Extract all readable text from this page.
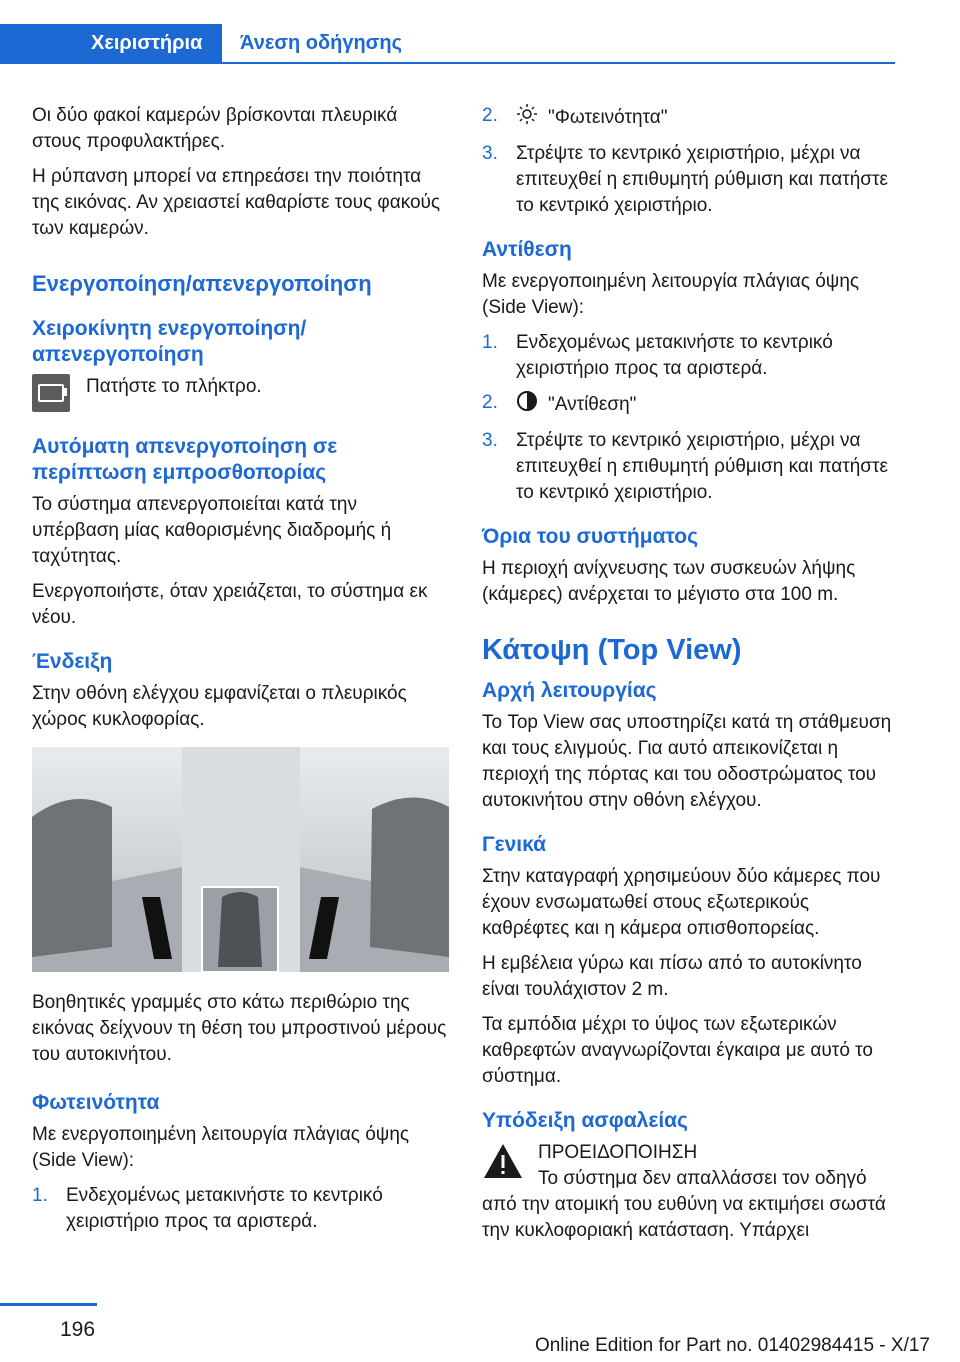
Χειριστήρια	Άνεση οδήγησης

Οι δύο φακοί καμερών βρίσκονται πλευρικά στους προφυλακτήρες.

Η ρύπανση μπορεί να επηρεάσει την ποιότητα της εικόνας. Αν χρειαστεί καθαρίστε τους φακούς των καμερών.

Ενεργοποίηση/απενεργοποίηση
Χειροκίνητη ενεργοποίηση/ απενεργοποίηση
Πατήστε το πλήκτρο.
Αυτόματη απενεργοποίηση σε περίπτωση εμπροσθοπορίας

Το σύστημα απενεργοποιείται κατά την υπέρβαση μίας καθορισμένης διαδρομής ή ταχύτητας.

Ενεργοποιήστε, όταν χρειάζεται, το σύστημα εκ νέου.

Ένδειξη

Στην οθόνη ελέγχου εμφανίζεται ο πλευρικός χώρος κυκλοφορίας.

Βοηθητικές γραμμές στο κάτω περιθώριο της εικόνας δείχνουν τη θέση του μπροστινού μέρους του αυτοκινήτου.

Φωτεινότητα

Με ενεργοποιημένη λειτουργία πλάγιας όψης (Side View):

1. Ενδεχομένως μετακινήστε το κεντρικό χειριστήριο προς τα αριστερά.
2.	"Φωτεινότητα"
3. Στρέψτε το κεντρικό χειριστήριο, μέχρι να επιτευχθεί η επιθυμητή ρύθμιση και πατήστε το κεντρικό χειριστήριο.
Αντίθεση

Με ενεργοποιημένη λειτουργία πλάγιας όψης (Side View):

1. Ενδεχομένως μετακινήστε το κεντρικό χειριστήριο προς τα αριστερά.
2.	"Αντίθεση"
3. Στρέψτε το κεντρικό χειριστήριο, μέχρι να επιτευχθεί η επιθυμητή ρύθμιση και πατήστε το κεντρικό χειριστήριο.
Όρια του συστήματος

Η περιοχή ανίχνευσης των συσκευών λήψης (κάμερες) ανέρχεται το μέγιστο στα 100 m.

Κάτοψη (Top View)
Αρχή λειτουργίας

Το Top View σας υποστηρίζει κατά τη στάθμευση και τους ελιγμούς. Για αυτό απεικονίζεται η περιοχή της πόρτας και του οδοστρώματος του αυτοκινήτου στην οθόνη ελέγχου.

Γενικά

Στην καταγραφή χρησιμεύουν δύο κάμερες που έχουν ενσωματωθεί στους εξωτερικούς καθρέφτες και η κάμερα οπισθοπορείας.

Η εμβέλεια γύρω και πίσω από το αυτοκίνητο είναι τουλάχιστον 2 m.

Τα εμπόδια μέχρι το ύψος των εξωτερικών καθρεφτών αναγνωρίζονται έγκαιρα με αυτό το σύστημα.

Υπόδειξη ασφαλείας
ΠΡΟΕΙΔΟΠΟΙΗΣΗ

Το σύστημα δεν απαλλάσσει τον οδηγό από την ατομική του ευθύνη να εκτιμήσει σωστά την κυκλοφοριακή κατάσταση. Υπάρχει

196
Online Edition for Part no. 01402984415 - X/17
